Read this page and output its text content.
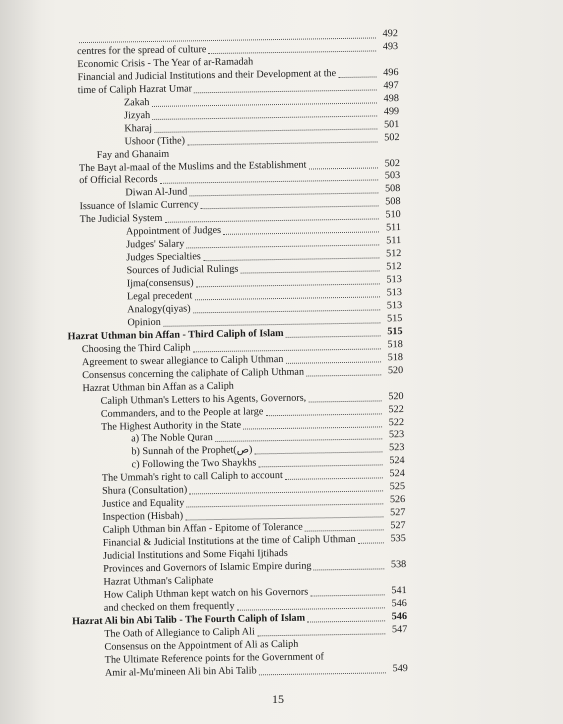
492
centres for the spread of culture	493
Economic Crisis - The Year of ar-Ramadah
Financial and Judicial Institutions and their Development at the	496
time of Caliph Hazrat Umar	497
Zakah	498
Jizyah	499
Kharaj	501
Ushoor (Tithe)	502
Fay and Ghanaim
The Bayt al-maal of the Muslims and the Establishment	502
of Official Records	503
Diwan Al-Jund	508
Issuance of Islamic Currency	508
The Judicial System	510
Appointment of Judges	511
Judges' Salary	511
Judges Specialties	512
Sources of Judicial Rulings	512
Ijma(consensus)	513
Legal precedent	513
Analogy(qiyas)	513
Opinion	515
Hazrat Uthman bin Affan - Third Caliph of Islam	515
Choosing the Third Caliph	518
Agreement to swear allegiance to Caliph Uthman	518
Consensus concerning the caliphate of Caliph Uthman	520
Hazrat Uthman bin Affan as a Caliph
Caliph Uthman's Letters to his Agents, Governors,	520
Commanders, and to the People at large	522
The Highest Authority in the State	522
a) The Noble Quran	523
b) Sunnah of the Prophet(ص)	523
c) Following the Two Shaykhs	524
The Ummah's right to call Caliph to account	524
Shura (Consultation)	525
Justice and Equality	526
Inspection (Hisbah)	527
Caliph Uthman bin Affan - Epitome of Tolerance	527
Financial & Judicial Institutions at the time of Caliph Uthman	535
Judicial Institutions and Some Fiqahi Ijtihads
Provinces and Governors of Islamic Empire during	538
Hazrat Uthman's Caliphate
How Caliph Uthman kept watch on his Governors	541
and checked on them frequently	546
Hazrat Ali bin Abi Talib - The Fourth Caliph of Islam	546
The Oath of Allegiance to Caliph Ali	547
Consensus on the Appointment of Ali as Caliph
The Ultimate Reference points for the Government of
Amir al-Mu'mineen Ali bin Abi Talib	549
15
